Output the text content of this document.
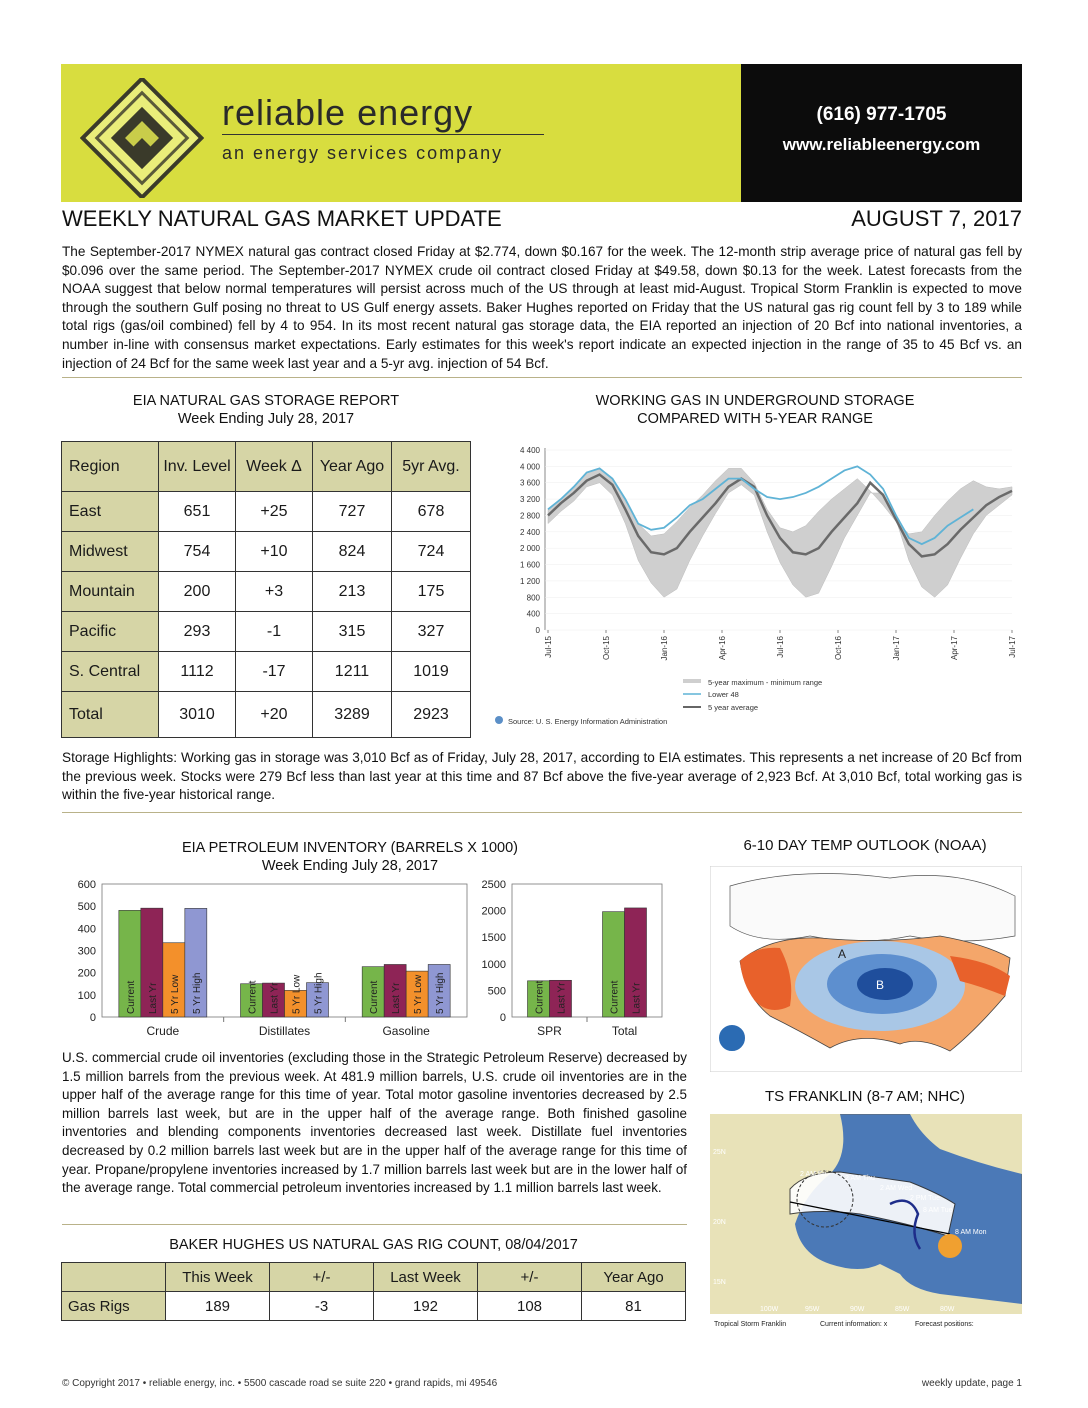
reliable energy
an energy services company
(616) 977-1705
www.reliableenergy.com
WEEKLY NATURAL GAS MARKET UPDATE	AUGUST 7, 2017
The September-2017 NYMEX natural gas contract closed Friday at $2.774, down $0.167 for the week. The 12-month strip average price of natural gas fell by $0.096 over the same period. The September-2017 NYMEX crude oil contract closed Friday at $49.58, down $0.13 for the week. Latest forecasts from the NOAA suggest that below normal temperatures will persist across much of the US through at least mid-August. Tropical Storm Franklin is expected to move through the southern Gulf posing no threat to US Gulf energy assets. Baker Hughes reported on Friday that the US natural gas rig count fell by 3 to 189 while total rigs (gas/oil combined) fell by 4 to 954. In its most recent natural gas storage data, the EIA reported an injection of 20 Bcf into national inventories, a number in-line with consensus market expectations. Early estimates for this week's report indicate an expected injection in the range of 35 to 45 Bcf vs. an injection of 24 Bcf for the same week last year and a 5-yr avg. injection of 54 Bcf.
EIA NATURAL GAS STORAGE REPORT
Week Ending July 28, 2017
Region	Inv. Level	Week Δ	Year Ago	5yr Avg.
East	651	+25	727	678
Midwest	754	+10	824	724
Mountain	200	+3	213	175
Pacific	293	-1	315	327
S. Central	1112	-17	1211	1019
Total	3010	+20	3289	2923
WORKING GAS IN UNDERGROUND STORAGE
COMPARED WITH 5-YEAR RANGE
4 400
4 000
3 600
3 200
2 800
2 400
2 000
1 600
1 200
800
400
0
Jul-15	Oct-15	Jan-16	Apr-16	Jul-16	Oct-16	Jan-17	Apr-17	Jul-17
5-year maximum - minimum range
Lower 48
5 year average
Source: U. S. Energy Information Administration
Storage Highlights: Working gas in storage was 3,010 Bcf as of Friday, July 28, 2017, according to EIA estimates. This represents a net increase of 20 Bcf from the previous week. Stocks were 279 Bcf less than last year at this time and 87 Bcf above the five-year average of 2,923 Bcf. At 3,010 Bcf, total working gas is within the five-year historical range.
EIA PETROLEUM INVENTORY (BARRELS X 1000)
Week Ending July 28, 2017
600
500
400
300
200
100
0
Crude
Current Last Yr 5 Yr Low 5 Yr High
Distillates
Current Last Yr 5 Yr Low 5 Yr High
Gasoline
Current Last Yr 5 Yr Low 5 Yr High
2500
2000
1500
1000
500
0
SPR
Current Last Yr
Total
Current Last Yr
U.S. commercial crude oil inventories (excluding those in the Strategic Petroleum Reserve) decreased by 1.5 million barrels from the previous week. At 481.9 million barrels, U.S. crude oil inventories are in the upper half of the average range for this time of year. Total motor gasoline inventories decreased by 2.5 million barrels last week, but are in the upper half of the average range. Both finished gasoline inventories and blending components inventories decreased last week. Distillate fuel inventories decreased by 0.2 million barrels last week but are in the upper half of the average range for this time of year. Propane/propylene inventories increased by 1.7 million barrels last week but are in the lower half of the average range. Total commercial petroleum inventories increased by 1.1 million barrels last week.
BAKER HUGHES US NATURAL GAS RIG COUNT, 08/04/2017
	This Week	+/-	Last Week	+/-	Year Ago
Gas Rigs	189	-3	192	108	81
6-10 DAY TEMP OUTLOOK (NOAA)
A
B
TS FRANKLIN (8-7 AM; NHC)
2 AM Fri
2 AM Thu
2 AM Wed
2 PM Tue
8 AM Tue
8 AM Mon
25N
20N
15N
100W	95W	90W	85W	80W
Tropical Storm Franklin	Current information: x	Forecast positions:
© Copyright 2017 • reliable energy, inc. • 5500 cascade road se suite 220 • grand rapids, mi 49546	weekly update, page 1
